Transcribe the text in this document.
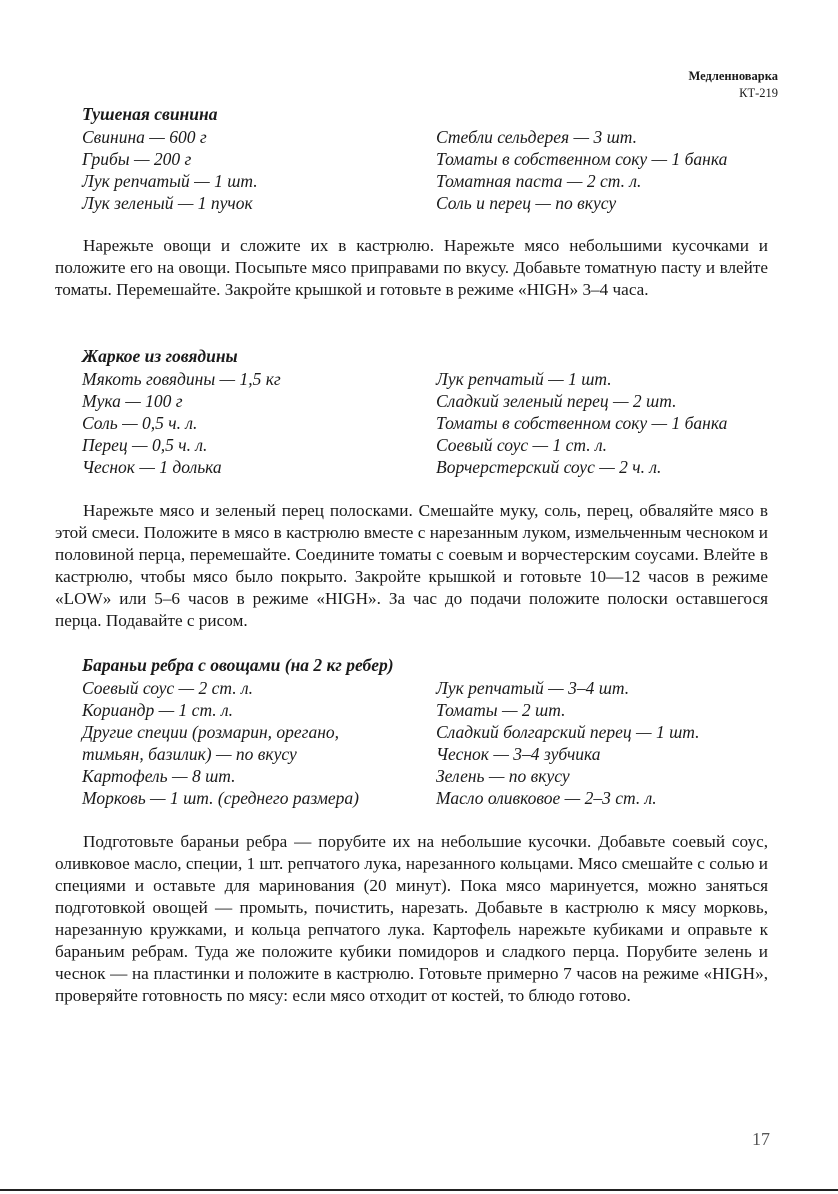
Медленноварка
КТ-219
Тушеная свинина
Свинина — 600 г
Грибы — 200 г
Лук репчатый — 1 шт.
Лук зеленый — 1 пучок
Стебли сельдерея — 3 шт.
Томаты в собственном соку — 1 банка
Томатная паста — 2 ст. л.
Соль и перец — по вкусу
Нарежьте овощи и сложите их в кастрюлю. Нарежьте мясо небольшими кусочками и положите его на овощи. Посыпьте мясо приправами по вкусу. Добавьте томатную пасту и влейте томаты. Перемешайте. Закройте крышкой и готовьте в режиме «HIGH» 3–4 часа.
Жаркое из говядины
Мякоть говядины — 1,5 кг
Мука — 100 г
Соль — 0,5 ч. л.
Перец — 0,5 ч. л.
Чеснок — 1 долька
Лук репчатый — 1 шт.
Сладкий зеленый перец — 2 шт.
Томаты в собственном соку — 1 банка
Соевый соус — 1 ст. л.
Ворчерстерский соус — 2 ч. л.
Нарежьте мясо и зеленый перец полосками. Смешайте муку, соль, перец, обваляйте мясо в этой смеси. Положите в мясо в кастрюлю вместе с нарезанным луком, измельченным чесноком и половиной перца, перемешайте. Соедините томаты с соевым и ворчестерским соусами. Влейте в кастрюлю, чтобы мясо было покрыто. Закройте крышкой и готовьте 10—12 часов в режиме «LOW» или 5–6 часов в режиме «HIGH». За час до подачи положите полоски оставшегося перца. Подавайте с рисом.
Бараньи ребра с овощами (на 2 кг ребер)
Соевый соус — 2 ст. л.
Кориандр — 1 ст. л.
Другие специи (розмарин, орегано,
тимьян, базилик) — по вкусу
Картофель — 8 шт.
Морковь — 1 шт. (среднего размера)
Лук репчатый — 3–4 шт.
Томаты — 2 шт.
Сладкий болгарский перец — 1 шт.
Чеснок — 3–4 зубчика
Зелень — по вкусу
Масло оливковое — 2–3 ст. л.
Подготовьте бараньи ребра — порубите их на небольшие кусочки. Добавьте соевый соус, оливковое масло, специи, 1 шт. репчатого лука, нарезанного кольцами. Мясо смешайте с солью и специями и оставьте для маринования (20 минут). Пока мясо маринуется, можно заняться подготовкой овощей — промыть, почистить, нарезать. Добавьте в кастрюлю к мясу морковь, нарезанную кружками, и кольца репчатого лука. Картофель нарежьте кубиками и оправьте к бараньим ребрам. Туда же положите кубики помидоров и сладкого перца. Порубите зелень и чеснок — на пластинки и положите в кастрюлю. Готовьте примерно 7 часов на режиме «HIGH», проверяйте готовность по мясу: если мясо отходит от костей, то блюдо готово.
17
